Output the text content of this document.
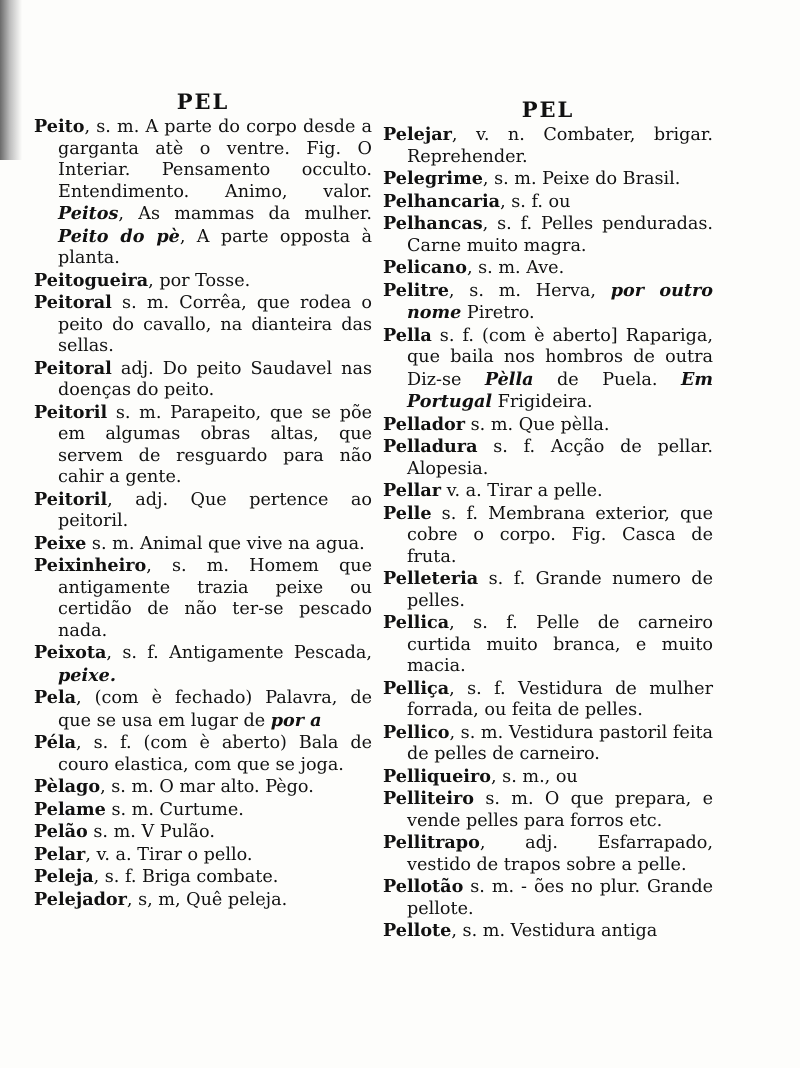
PEL
Peito, s. m. A parte do corpo desde a garganta atè o ventre. Fig. O Interiar. Pensamento occulto. Entendimento. Animo, valor. Peitos, As mammas da mulher. Peito do pè, A parte opposta à planta.
Peitogueira, por Tosse.
Peitoral s. m. Corrêa, que rodea o peito do cavallo, na dianteira das sellas.
Peitoral adj. Do peito Saudavel nas doenças do peito.
Peitoril s. m. Parapeito, que se põe em algumas obras altas, que servem de resguardo para não cahir a gente.
Peitoril, adj. Que pertence ao peitoril.
Peixe s. m. Animal que vive na agua.
Peixinheiro, s. m. Homem que antigamente trazia peixe ou certidão de não ter-se pescado nada.
Peixota, s. f. Antigamente Pescada, peixe.
Pela, (com è fechado) Palavra, de que se usa em lugar de por a
Péla, s. f. (com è aberto) Bala de couro elastica, com que se joga.
Pèlago, s. m. O mar alto. Pègo.
Pelame s. m. Curtume.
Pelão s. m. V Pulão.
Pelar, v. a. Tirar o pello.
Peleja, s. f. Briga combate.
Pelejador, s, m, Quê peleja.
PEL
Pelejar, v. n. Combater, brigar. Reprehender.
Pelegrime, s. m. Peixe do Brasil.
Pelhancaria, s. f. ou
Pelhancas, s. f. Pelles penduradas. Carne muito magra.
Pelicano, s. m. Ave.
Pelitre, s. m. Herva, por outro nome Piretro.
Pella s. f. (com è aberto] Rapariga, que baila nos hombros de outra Diz-se Pèlla de Puela. Em Portugal Frigideira.
Pellador s. m. Que pèlla.
Pelladura s. f. Acção de pellar. Alopesia.
Pellar v. a. Tirar a pelle.
Pelle s. f. Membrana exterior, que cobre o corpo. Fig. Casca de fruta.
Pelleteria s. f. Grande numero de pelles.
Pellica, s. f. Pelle de carneiro curtida muito branca, e muito macia.
Pelliça, s. f. Vestidura de mulher forrada, ou feita de pelles.
Pellico, s. m. Vestidura pastoril feita de pelles de carneiro.
Pelliqueiro, s. m., ou
Pelliteiro s. m. O que prepara, e vende pelles para forros etc.
Pellitrapo, adj. Esfarrapado, vestido de trapos sobre a pelle.
Pellotão s. m. - ões no plur. Grande pellote.
Pellote, s. m. Vestidura antiga
